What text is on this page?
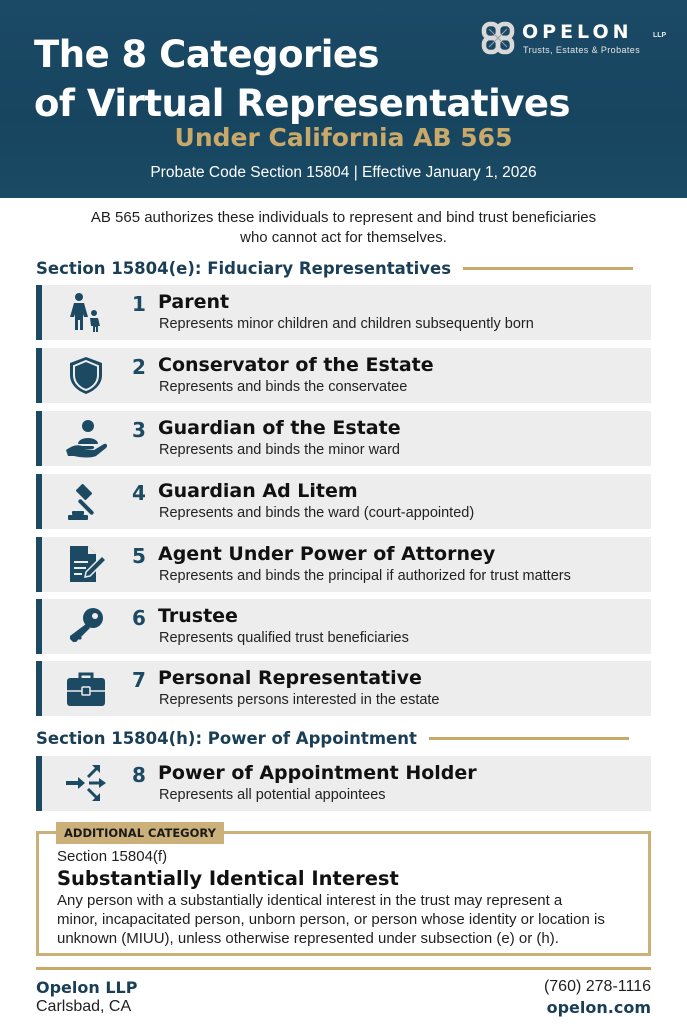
The 8 Categories
of Virtual Representatives
Under California AB 565
Probate Code Section 15804 | Effective January 1, 2026
OPELON	LLP
Trusts, Estates & Probates
AB 565 authorizes these individuals to represent and bind trust beneficiaries
who cannot act for themselves.
Section 15804(e): Fiduciary Representatives
1 Parent
Represents minor children and children subsequently born
2 Conservator of the Estate
Represents and binds the conservatee
3 Guardian of the Estate
Represents and binds the minor ward
4 Guardian Ad Litem
Represents and binds the ward (court-appointed)
5 Agent Under Power of Attorney
Represents and binds the principal if authorized for trust matters
6 Trustee
Represents qualified trust beneficiaries
7 Personal Representative
Represents persons interested in the estate
Section 15804(h): Power of Appointment
8 Power of Appointment Holder
Represents all potential appointees
ADDITIONAL CATEGORY
Section 15804(f)
Substantially Identical Interest
Any person with a substantially identical interest in the trust may represent a
minor, incapacitated person, unborn person, or person whose identity or location is
unknown (MIUU), unless otherwise represented under subsection (e) or (h).
Opelon LLP
Carlsbad, CA
(760) 278-1116
opelon.com
